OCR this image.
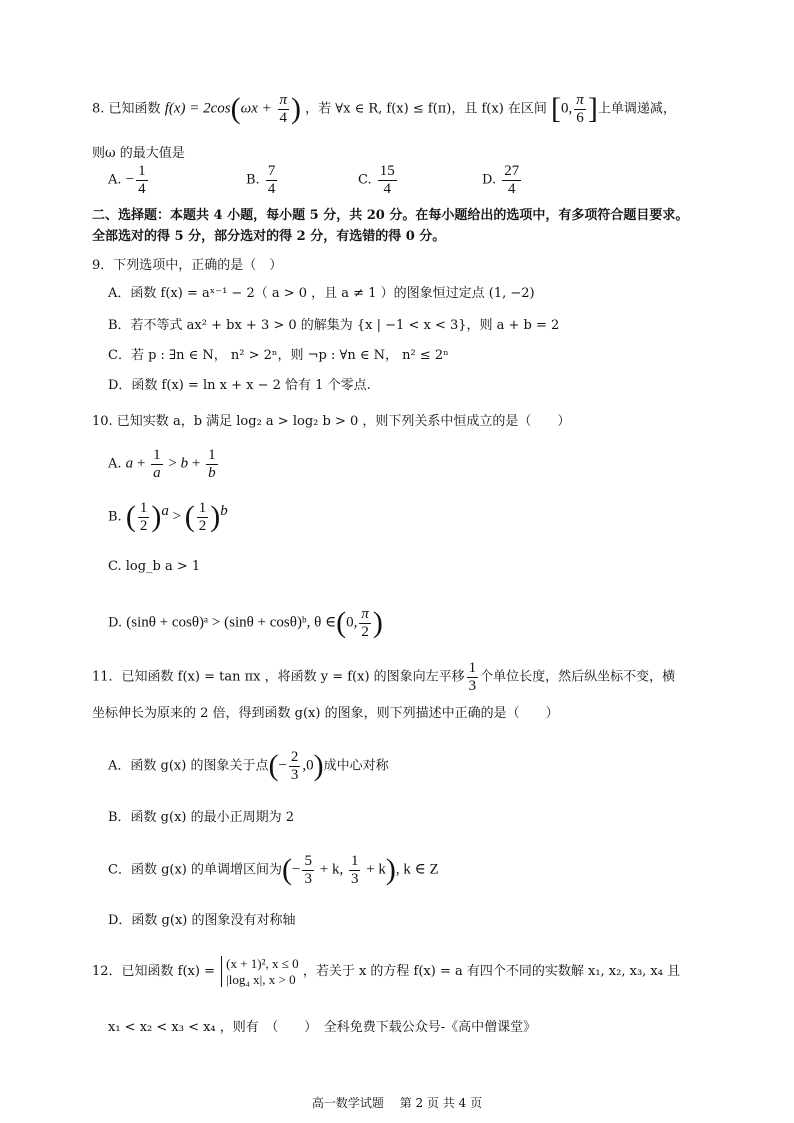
8. 已知函数 $f(x) = 2\cos(\omega x + \frac{\pi}{4}$ ) ，若 ∀x ∈ R, f(x) ≤ f(π)，且 f(x) 在区间 [0, $\frac{\pi}{6}$ ]上单调递减，
则ω 的最大值是
A. − $\frac{1}{4}$	B. $\frac{7}{4}$	C. $\frac{15}{4}$	D. $\frac{27}{4}$
二、选择题：本题共 4 小题，每小题 5 分，共 20 分。在每小题给出的选项中，有多项符合题目要求。
全部选对的得 5 分，部分选对的得 2 分，有选错的得 0 分。
9．下列选项中，正确的是（　）
A．函数 f(x) = aˣ⁻¹ − 2（ a > 0 ，且 a ≠ 1 ）的图象恒过定点 (1, −2)
B．若不等式 ax² + bx + 3 > 0 的解集为 {x | −1 < x < 3}，则 a + b = 2
C．若 p : ∃n ∈ N， n² > 2ⁿ，则 ¬p : ∀n ∈ N， n² ≤ 2ⁿ
D．函数 f(x) = ln x + x − 2 恰有 1 个零点.
10. 已知实数 a，b 满足 log₂ a > log₂ b > 0 ，则下列关系中恒成立的是（　　）
A. $a + \frac{1}{a} > b + \frac{1}{b}$
B. ( $\frac{1}{2} )^a$ > ( $\frac{1}{2} )^b$
C. log_b a > 1
D. (sinθ + cosθ)ᵃ > (sinθ + cosθ)ᵇ, θ ∈(0, $\frac{\pi}{2}$ )
11．已知函数 f(x) = tan πx ，将函数 y = f(x) 的图象向左平移 $\frac{1}{3}$ 个单位长度，然后纵坐标不变，横
坐标伸长为原来的 2 倍，得到函数 g(x) 的图象，则下列描述中正确的是（　　）
A．函数 g(x) 的图象关于点(− $\frac{2}{3} ,0$)成中心对称
B．函数 g(x) 的最小正周期为 2
C．函数 g(x) 的单调增区间为(− $\frac{5}{3} + k$, $\frac{1}{3} + k$), k ∈ Z
D．函数 g(x) 的图象没有对称轴
12．已知函数 f(x) =
(x + 1)², x ≤ 0
|log₄ x|, x > 0 ，若关于 x 的方程 f(x) = a 有四个不同的实数解 x₁, x₂, x₃, x₄ 且
x₁ < x₂ < x₃ < x₄ ，则有　（　　）　全科免费下载公众号-《高中僧课堂》
高一数学试题　 第 2 页 共 4 页
